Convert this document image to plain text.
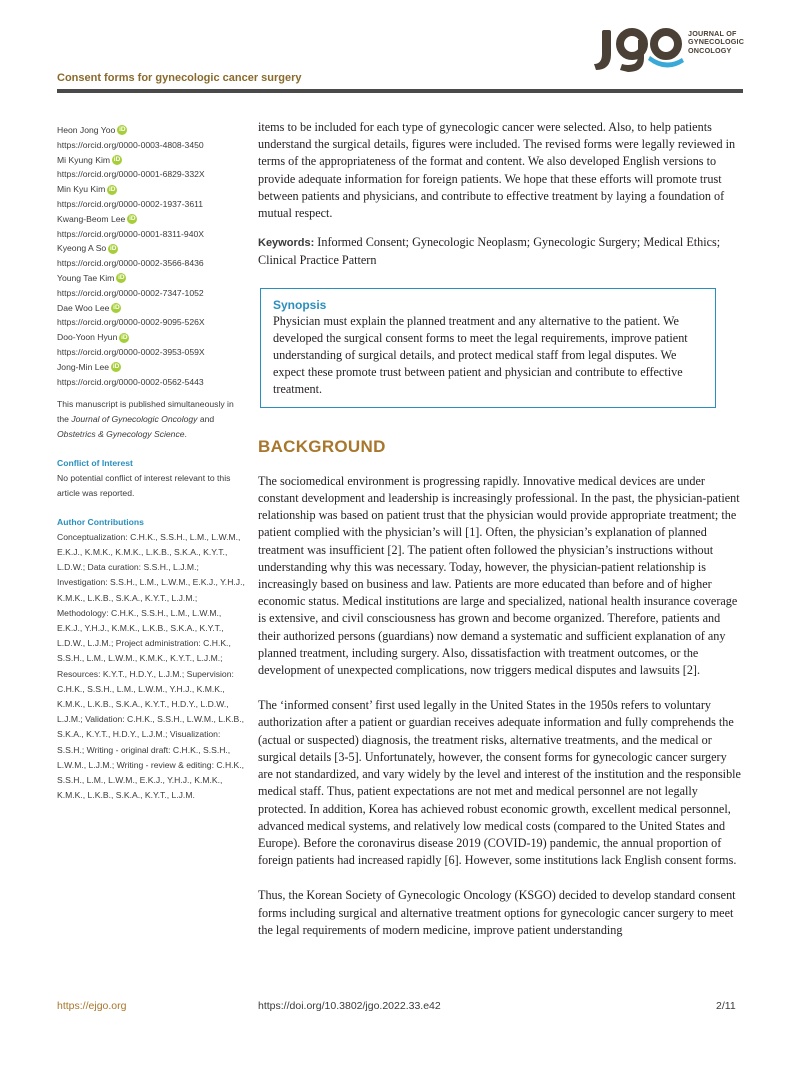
Consent forms for gynecologic cancer surgery
JOURNAL OF
GYNECOLOGIC
ONCOLOGY
Heon Jong Yoo iD
https://orcid.org/0000-0003-4808-3450
Mi Kyung Kim iD
https://orcid.org/0000-0001-6829-332X
Min Kyu Kim iD
https://orcid.org/0000-0002-1937-3611
Kwang-Beom Lee iD
https://orcid.org/0000-0001-8311-940X
Kyeong A So iD
https://orcid.org/0000-0002-3566-8436
Young Tae Kim iD
https://orcid.org/0000-0002-7347-1052
Dae Woo Lee iD
https://orcid.org/0000-0002-9095-526X
Doo-Yoon Hyun iD
https://orcid.org/0000-0002-3953-059X
Jong-Min Lee iD
https://orcid.org/0000-0002-0562-5443
This manuscript is published simultaneously in the Journal of Gynecologic Oncology and Obstetrics & Gynecology Science.
Conflict of Interest
No potential conflict of interest relevant to this article was reported.
Author Contributions
Conceptualization: C.H.K., S.S.H., L.M., L.W.M., E.K.J., K.M.K., K.M.K., L.K.B., S.K.A., K.Y.T., L.D.W.; Data curation: S.S.H., L.J.M.; Investigation: S.S.H., L.M., L.W.M., E.K.J., Y.H.J., K.M.K., L.K.B., S.K.A., K.Y.T., L.J.M.; Methodology: C.H.K., S.S.H., L.M., L.W.M., E.K.J., Y.H.J., K.M.K., L.K.B., S.K.A., K.Y.T., L.D.W., L.J.M.; Project administration: C.H.K., S.S.H., L.M., L.W.M., K.M.K., K.Y.T., L.J.M.; Resources: K.Y.T., H.D.Y., L.J.M.; Supervision: C.H.K., S.S.H., L.M., L.W.M., Y.H.J., K.M.K., K.M.K., L.K.B., S.K.A., K.Y.T., H.D.Y., L.D.W., L.J.M.; Validation: C.H.K., S.S.H., L.W.M., L.K.B., S.K.A., K.Y.T., H.D.Y., L.J.M.; Visualization: S.S.H.; Writing - original draft: C.H.K., S.S.H., L.W.M., L.J.M.; Writing - review & editing: C.H.K., S.S.H., L.M., L.W.M., E.K.J., Y.H.J., K.M.K., K.M.K., L.K.B., S.K.A., K.Y.T., L.J.M.

items to be included for each type of gynecologic cancer were selected. Also, to help patients understand the surgical details, figures were included. The revised forms were legally reviewed in terms of the appropriateness of the format and content. We also developed English versions to provide adequate information for foreign patients. We hope that these efforts will promote trust between patients and physicians, and contribute to effective treatment by laying a foundation of mutual respect.

Keywords: Informed Consent; Gynecologic Neoplasm; Gynecologic Surgery; Medical Ethics; Clinical Practice Pattern

Synopsis
Physician must explain the planned treatment and any alternative to the patient. We developed the surgical consent forms to meet the legal requirements, improve patient understanding of surgical details, and protect medical staff from legal disputes. We expect these promote trust between patient and physician and contribute to effective treatment.
BACKGROUND

The sociomedical environment is progressing rapidly. Innovative medical devices are under constant development and leadership is increasingly professional. In the past, the physician-patient relationship was based on patient trust that the physician would provide appropriate treatment; the patient complied with the physician’s will [1]. Often, the physician’s explanation of planned treatment was insufficient [2]. The patient often followed the physician’s instructions without understanding why this was necessary. Today, however, the physician-patient relationship is increasingly based on business and law. Patients are more educated than before and of higher economic status. Medical institutions are large and specialized, national health insurance coverage is extensive, and civil consciousness has grown and become organized. Therefore, patients and their authorized persons (guardians) now demand a systematic and sufficient explanation of any planned treatment, including surgery. Also, dissatisfaction with treatment outcomes, or the development of unexpected complications, now triggers medical disputes and lawsuits [2].

The ‘informed consent’ first used legally in the United States in the 1950s refers to voluntary authorization after a patient or guardian receives adequate information and fully comprehends the (actual or suspected) diagnosis, the treatment risks, alternative treatments, and the medical or surgical details [3-5]. Unfortunately, however, the consent forms for gynecologic cancer surgery are not standardized, and vary widely by the level and interest of the institution and the responsible medical staff. Thus, patient expectations are not met and medical personnel are not legally protected. In addition, Korea has achieved robust economic growth, excellent medical personnel, advanced medical systems, and relatively low medical costs (compared to the United States and Europe). Before the coronavirus disease 2019 (COVID-19) pandemic, the annual proportion of foreign patients had increased rapidly [6]. However, some institutions lack English consent forms.

Thus, the Korean Society of Gynecologic Oncology (KSGO) decided to develop standard consent forms including surgical and alternative treatment options for gynecologic cancer surgery to meet the legal requirements of modern medicine, improve patient understanding

https://ejgo.org	https://doi.org/10.3802/jgo.2022.33.e42	2/11
